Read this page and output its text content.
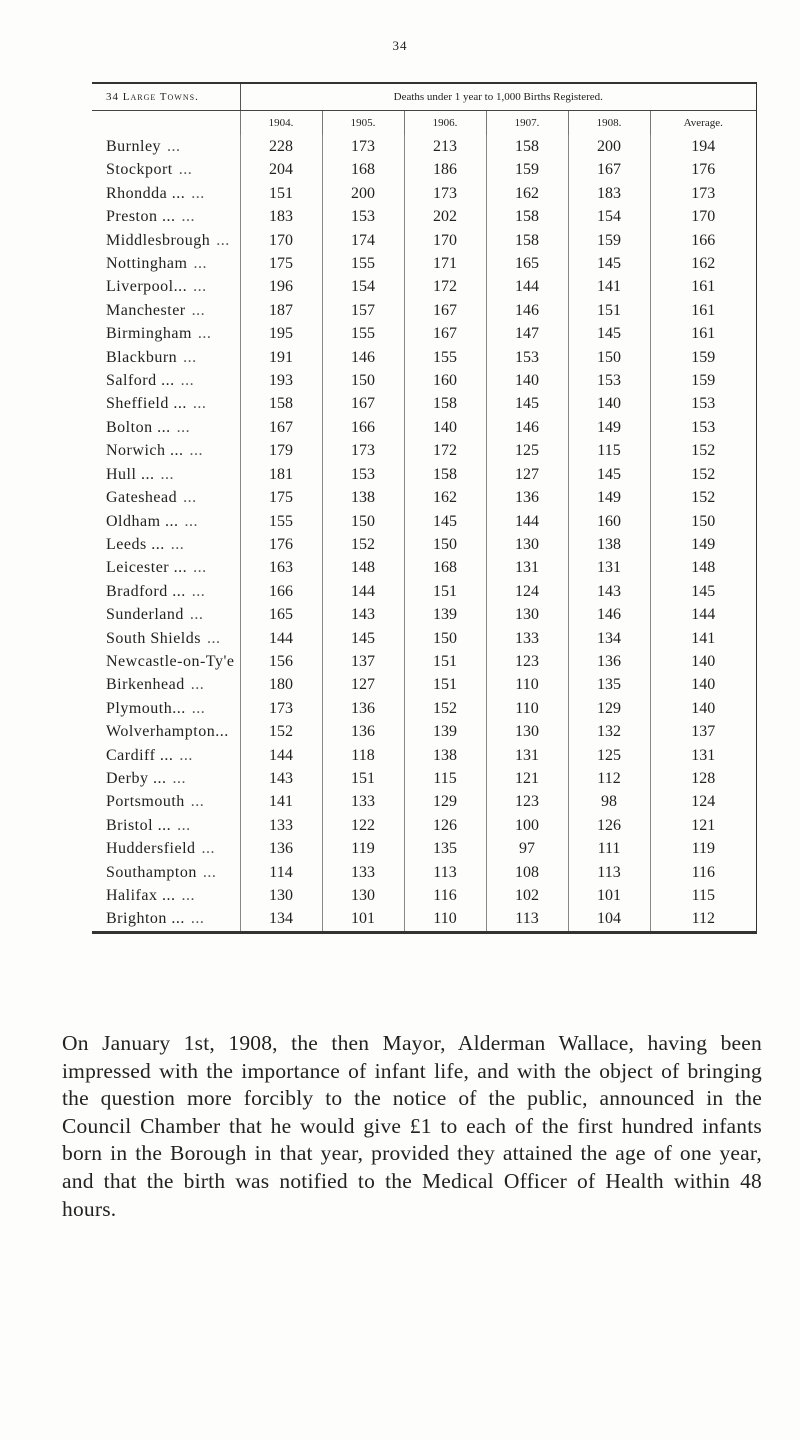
34
34 Large Towns.	Deaths under 1 year to 1,000 Births Registered.					
	1904.	1905.	1906.	1907.	1908.	Average.
Burnley ...	228	173	213	158	200	194
Stockport ...	204	168	186	159	167	176
Rhondda ... ...	151	200	173	162	183	173
Preston ... ...	183	153	202	158	154	170
Middlesbrough ...	170	174	170	158	159	166
Nottingham ...	175	155	171	165	145	162
Liverpool... ...	196	154	172	144	141	161
Manchester ...	187	157	167	146	151	161
Birmingham ...	195	155	167	147	145	161
Blackburn ...	191	146	155	153	150	159
Salford ... ...	193	150	160	140	153	159
Sheffield ... ...	158	167	158	145	140	153
Bolton ... ...	167	166	140	146	149	153
Norwich ... ...	179	173	172	125	115	152
Hull ... ...	181	153	158	127	145	152
Gateshead ...	175	138	162	136	149	152
Oldham ... ...	155	150	145	144	160	150
Leeds ... ...	176	152	150	130	138	149
Leicester ... ...	163	148	168	131	131	148
Bradford ... ...	166	144	151	124	143	145
Sunderland ...	165	143	139	130	146	144
South Shields ...	144	145	150	133	134	141
Newcastle-on-Ty'e	156	137	151	123	136	140
Birkenhead ...	180	127	151	110	135	140
Plymouth... ...	173	136	152	110	129	140
Wolverhampton...	152	136	139	130	132	137
Cardiff ... ...	144	118	138	131	125	131
Derby ... ...	143	151	115	121	112	128
Portsmouth ...	141	133	129	123	98	124
Bristol ... ...	133	122	126	100	126	121
Huddersfield ...	136	119	135	97	111	119
Southampton ...	114	133	113	108	113	116
Halifax ... ...	130	130	116	102	101	115
Brighton ... ...	134	101	110	113	104	112
On January 1st, 1908, the then Mayor, Alderman Wallace, having been impressed with the importance of infant life, and with the object of bringing the question more forcibly to the notice of the public, announced in the Council Chamber that he would give £1 to each of the first hundred infants born in the Borough in that year, provided they attained the age of one year, and that the birth was notified to the Medical Officer of Health within 48 hours.
